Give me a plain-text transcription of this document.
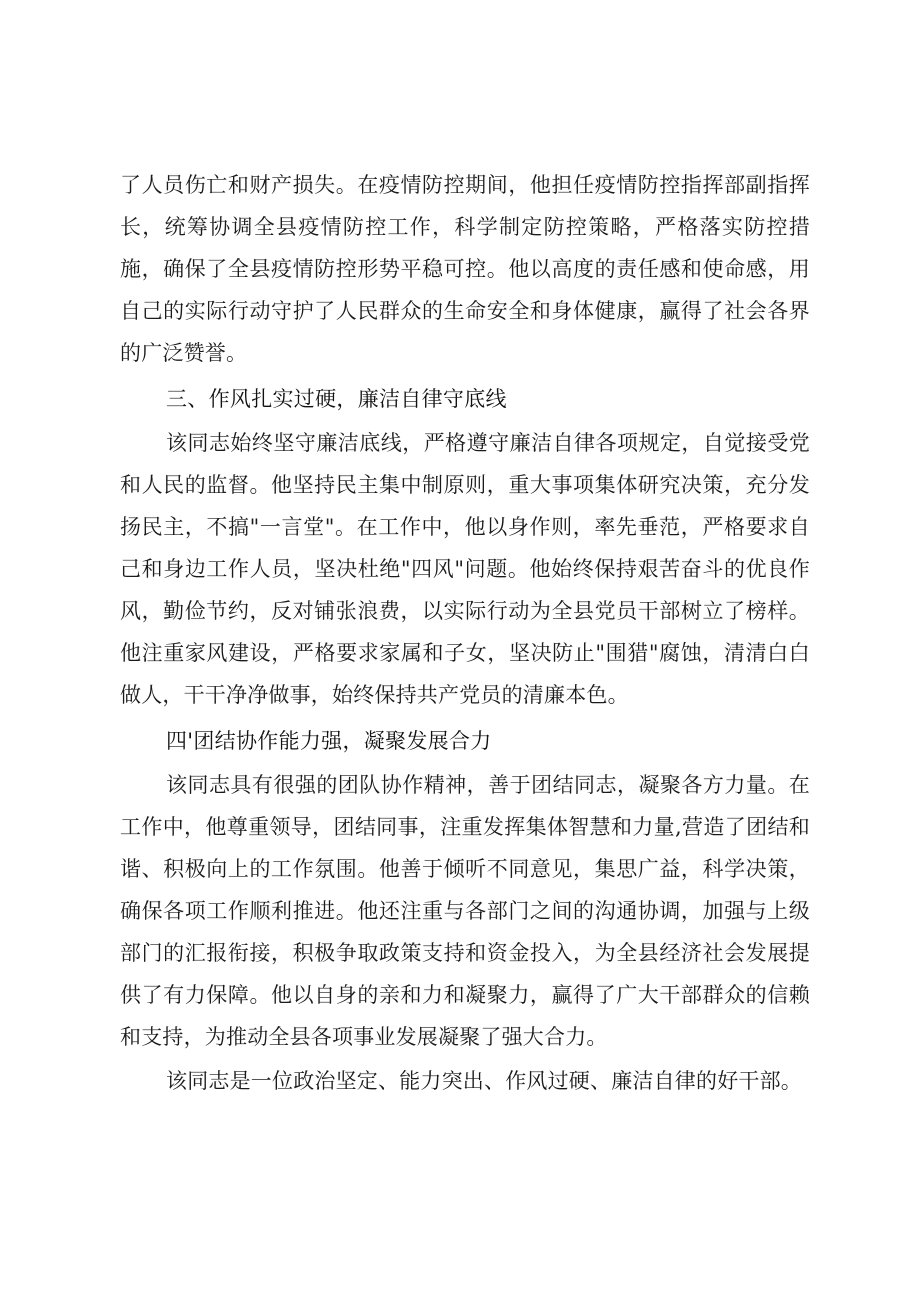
了人员伤亡和财产损失。在疫情防控期间，他担任疫情防控指挥部副指挥长，统筹协调全县疫情防控工作，科学制定防控策略，严格落实防控措施，确保了全县疫情防控形势平稳可控。他以高度的责任感和使命感，用自己的实际行动守护了人民群众的生命安全和身体健康，赢得了社会各界的广泛赞誉。

三、作风扎实过硬，廉洁自律守底线

该同志始终坚守廉洁底线，严格遵守廉洁自律各项规定，自觉接受党和人民的监督。他坚持民主集中制原则，重大事项集体研究决策，充分发扬民主，不搞"一言堂"。在工作中，他以身作则，率先垂范，严格要求自己和身边工作人员，坚决杜绝"四风"问题。他始终保持艰苦奋斗的优良作风，勤俭节约，反对铺张浪费，以实际行动为全县党员干部树立了榜样。他注重家风建设，严格要求家属和子女，坚决防止"围猎"腐蚀，清清白白做人，干干净净做事，始终保持共产党员的清廉本色。

四'团结协作能力强，凝聚发展合力

该同志具有很强的团队协作精神，善于团结同志，凝聚各方力量。在工作中，他尊重领导，团结同事，注重发挥集体智慧和力量,营造了团结和谐、积极向上的工作氛围。他善于倾听不同意见，集思广益，科学决策，确保各项工作顺利推进。他还注重与各部门之间的沟通协调，加强与上级部门的汇报衔接，积极争取政策支持和资金投入，为全县经济社会发展提供了有力保障。他以自身的亲和力和凝聚力，赢得了广大干部群众的信赖和支持，为推动全县各项事业发展凝聚了强大合力。

该同志是一位政治坚定、能力突出、作风过硬、廉洁自律的好干部。
